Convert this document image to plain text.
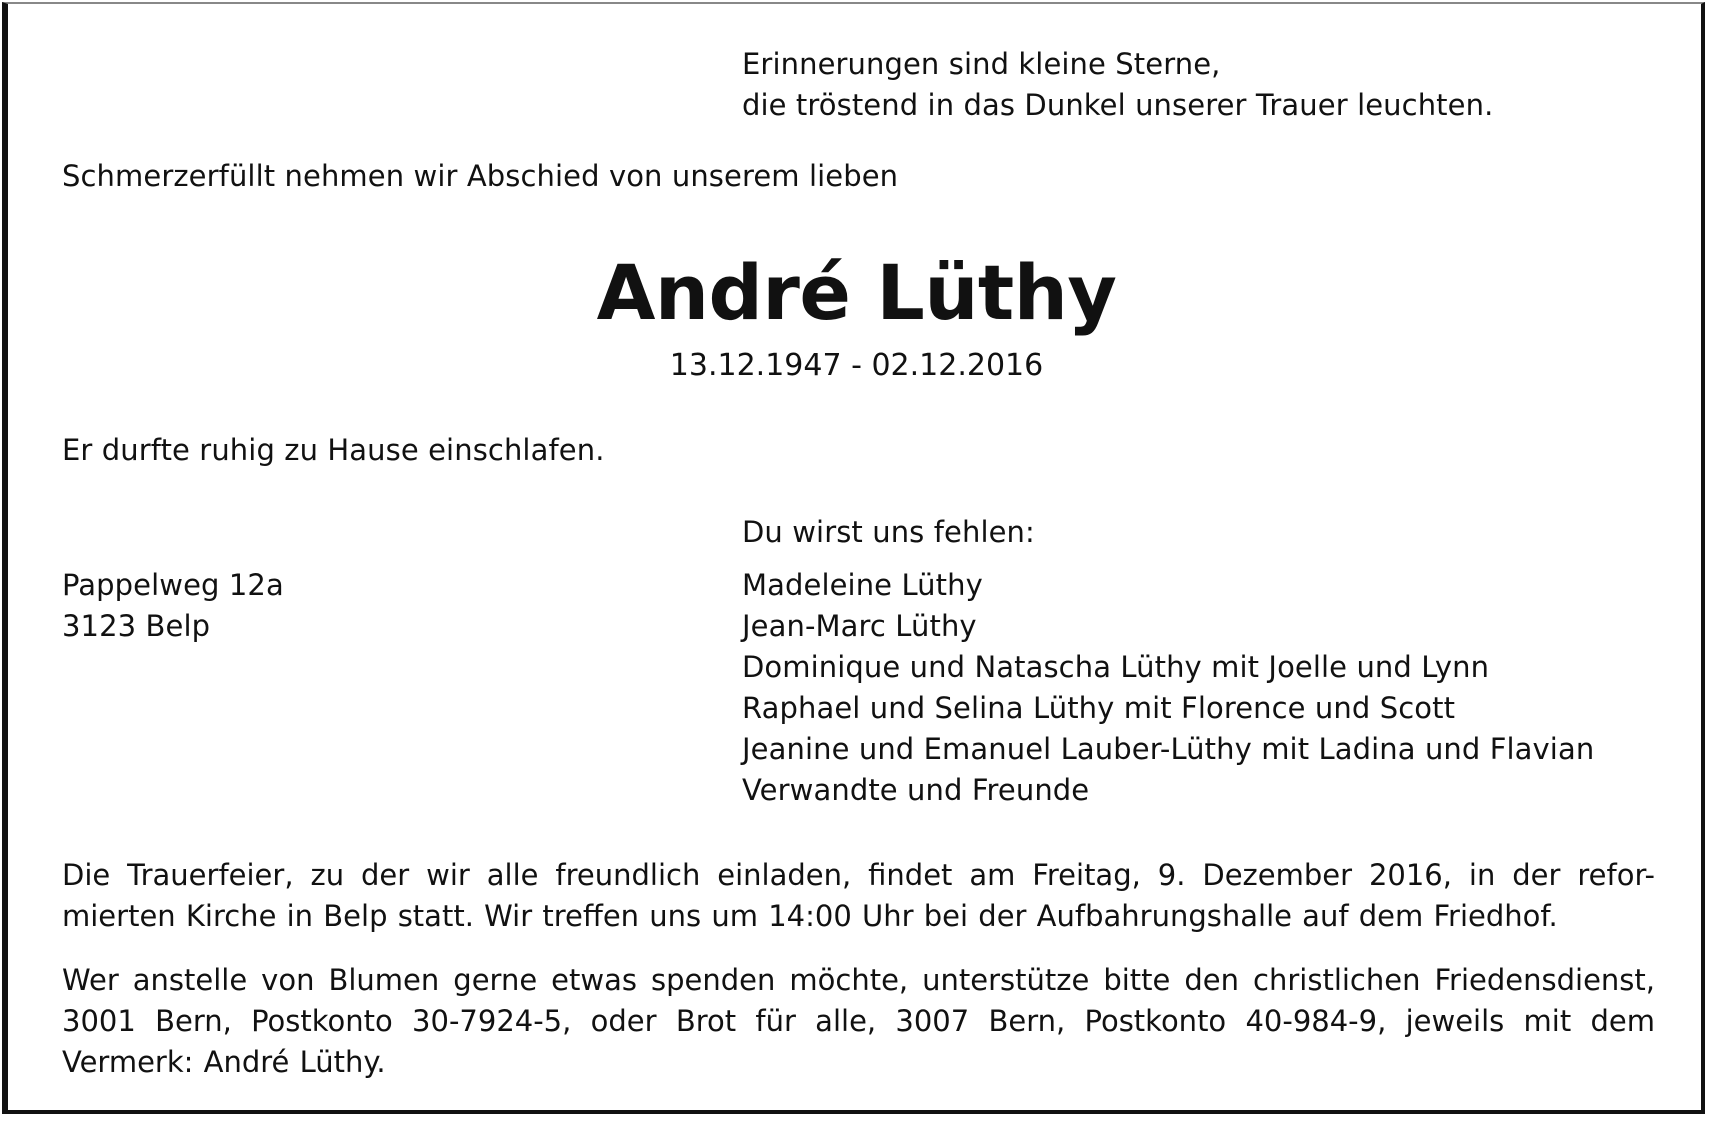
Erinnerungen sind kleine Sterne,
die tröstend in das Dunkel unserer Trauer leuchten.
Schmerzerfüllt nehmen wir Abschied von unserem lieben
André Lüthy
13.12.1947 - 02.12.2016
Er durfte ruhig zu Hause einschlafen.
Du wirst uns fehlen:
Pappelweg 12a
3123 Belp
Madeleine Lüthy
Jean-Marc Lüthy
Dominique und Natascha Lüthy mit Joelle und Lynn
Raphael und Selina Lüthy mit Florence und Scott
Jeanine und Emanuel Lauber-Lüthy mit Ladina und Flavian
Verwandte und Freunde
Die Trauerfeier, zu der wir alle freundlich einladen, findet am Freitag, 9. Dezember 2016, in der refor-mierten Kirche in Belp statt. Wir treffen uns um 14:00 Uhr bei der Aufbahrungshalle auf dem Friedhof.
Wer anstelle von Blumen gerne etwas spenden möchte, unterstütze bitte den christlichen Friedensdienst, 3001 Bern, Postkonto 30-7924-5, oder Brot für alle, 3007 Bern, Postkonto 40-984-9, jeweils mit dem Vermerk: André Lüthy.
